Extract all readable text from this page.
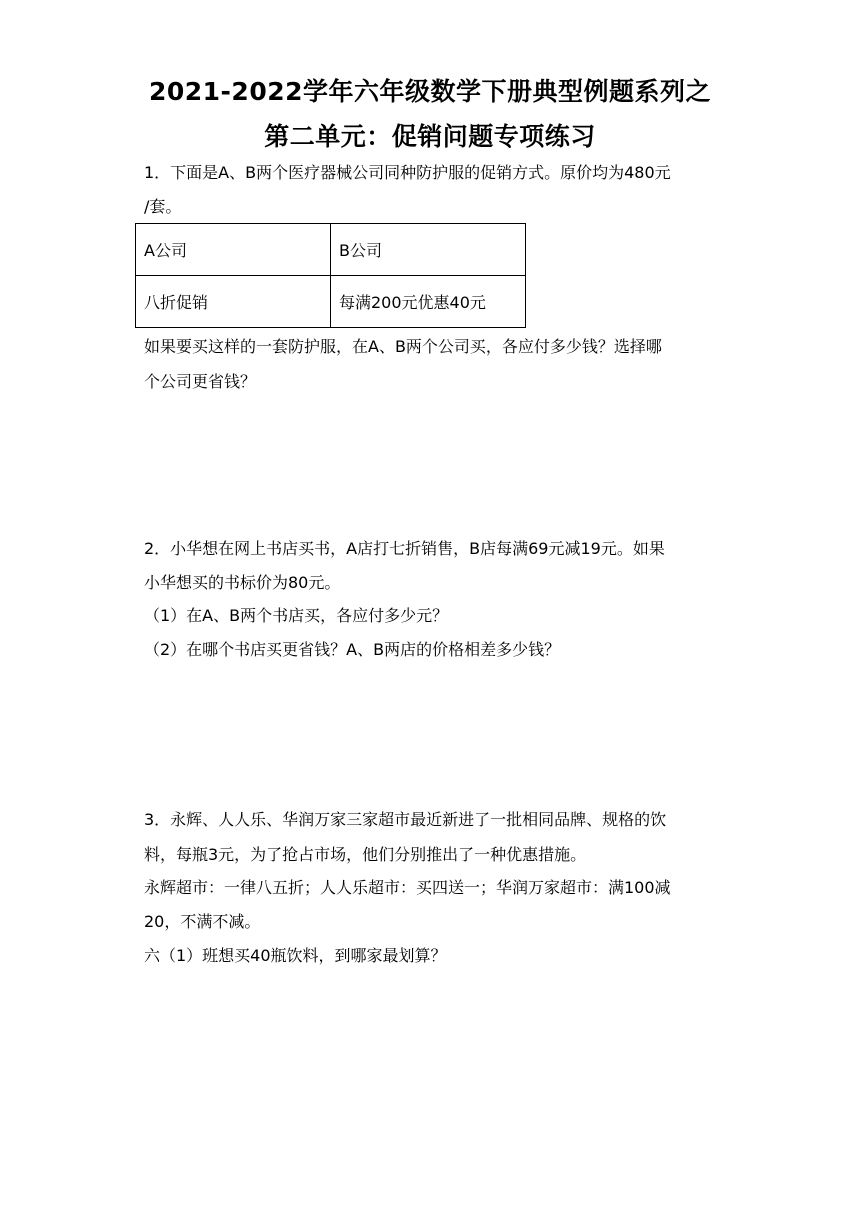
2021-2022学年六年级数学下册典型例题系列之
第二单元：促销问题专项练习
1．下面是A、B两个医疗器械公司同种防护服的促销方式。原价均为480元
/套。
A公司	B公司
八折促销	每满200元优惠40元
如果要买这样的一套防护服，在A、B两个公司买，各应付多少钱？选择哪
个公司更省钱？
2．小华想在网上书店买书，A店打七折销售，B店每满69元减19元。如果
小华想买的书标价为80元。
（1）在A、B两个书店买，各应付多少元？
（2）在哪个书店买更省钱？A、B两店的价格相差多少钱？
3．永辉、人人乐、华润万家三家超市最近新进了一批相同品牌、规格的饮
料，每瓶3元，为了抢占市场，他们分别推出了一种优惠措施。
永辉超市：一律八五折；人人乐超市：买四送一；华润万家超市：满100减
20，不满不减。
六（1）班想买40瓶饮料，到哪家最划算？
